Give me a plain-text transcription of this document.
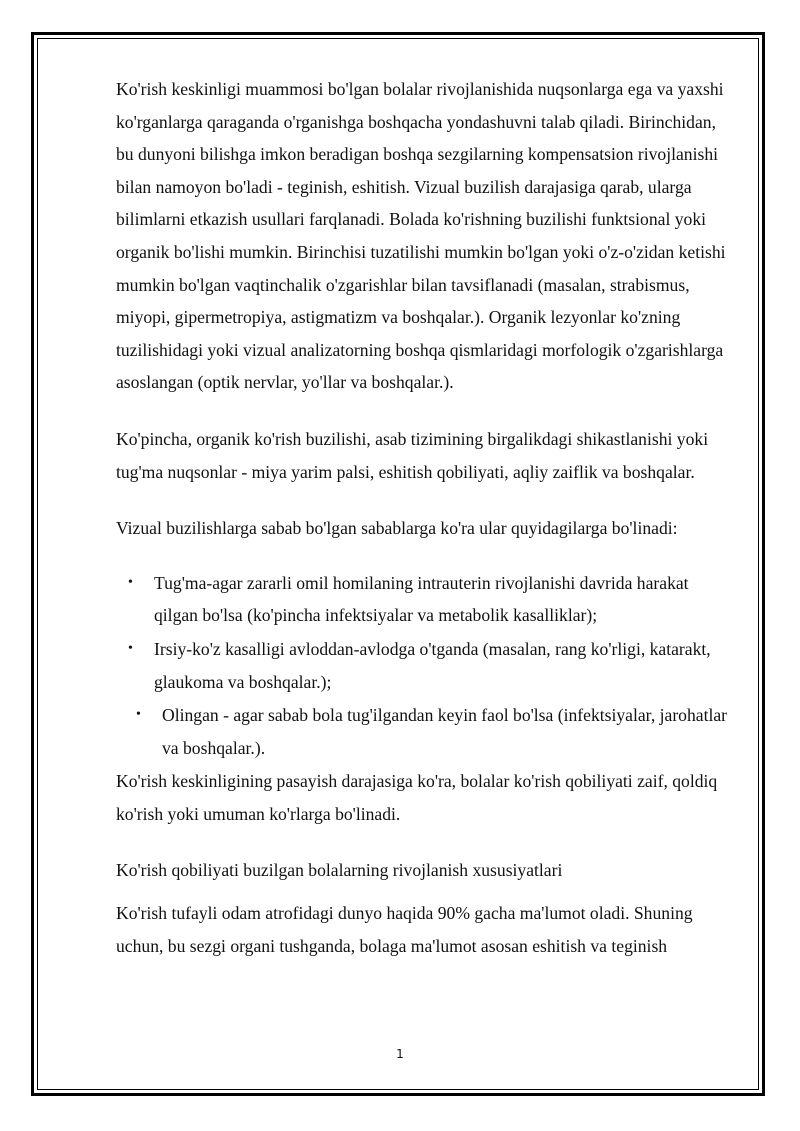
Ko'rish keskinligi muammosi bo'lgan bolalar rivojlanishida nuqsonlarga ega va yaxshi ko'rganlarga qaraganda o'rganishga boshqacha yondashuvni talab qiladi. Birinchidan, bu dunyoni bilishga imkon beradigan boshqa sezgilarning kompensatsion rivojlanishi bilan namoyon bo'ladi - teginish, eshitish. Vizual buzilish darajasiga qarab, ularga bilimlarni etkazish usullari farqlanadi. Bolada ko'rishning buzilishi funktsional yoki organik bo'lishi mumkin. Birinchisi tuzatilishi mumkin bo'lgan yoki o'z-o'zidan ketishi mumkin bo'lgan vaqtinchalik o'zgarishlar bilan tavsiflanadi (masalan, strabismus, miyopi, gipermetropiya, astigmatizm va boshqalar.). Organik lezyonlar ko'zning tuzilishidagi yoki vizual analizatorning boshqa qismlaridagi morfologik o'zgarishlarga asoslangan (optik nervlar, yo'llar va boshqalar.).

Ko'pincha, organik ko'rish buzilishi, asab tizimining birgalikdagi shikastlanishi yoki tug'ma nuqsonlar - miya yarim palsi, eshitish qobiliyati, aqliy zaiflik va boshqalar.

Vizual buzilishlarga sabab bo'lgan sabablarga ko'ra ular quyidagilarga bo'linadi:

• Tug'ma-agar zararli omil homilaning intrauterin rivojlanishi davrida harakat qilgan bo'lsa (ko'pincha infektsiyalar va metabolik kasalliklar);
• Irsiy-ko'z kasalligi avloddan-avlodga o'tganda (masalan, rang ko'rligi, katarakt, glaukoma va boshqalar.);
• Olingan - agar sabab bola tug'ilgandan keyin faol bo'lsa (infektsiyalar, jarohatlar va boshqalar.).

Ko'rish keskinligining pasayish darajasiga ko'ra, bolalar ko'rish qobiliyati zaif, qoldiq ko'rish yoki umuman ko'rlarga bo'linadi.

Ko'rish qobiliyati buzilgan bolalarning rivojlanish xususiyatlari

Ko'rish tufayli odam atrofidagi dunyo haqida 90% gacha ma'lumot oladi. Shuning uchun, bu sezgi organi tushganda, bolaga ma'lumot asosan eshitish va teginish

1
